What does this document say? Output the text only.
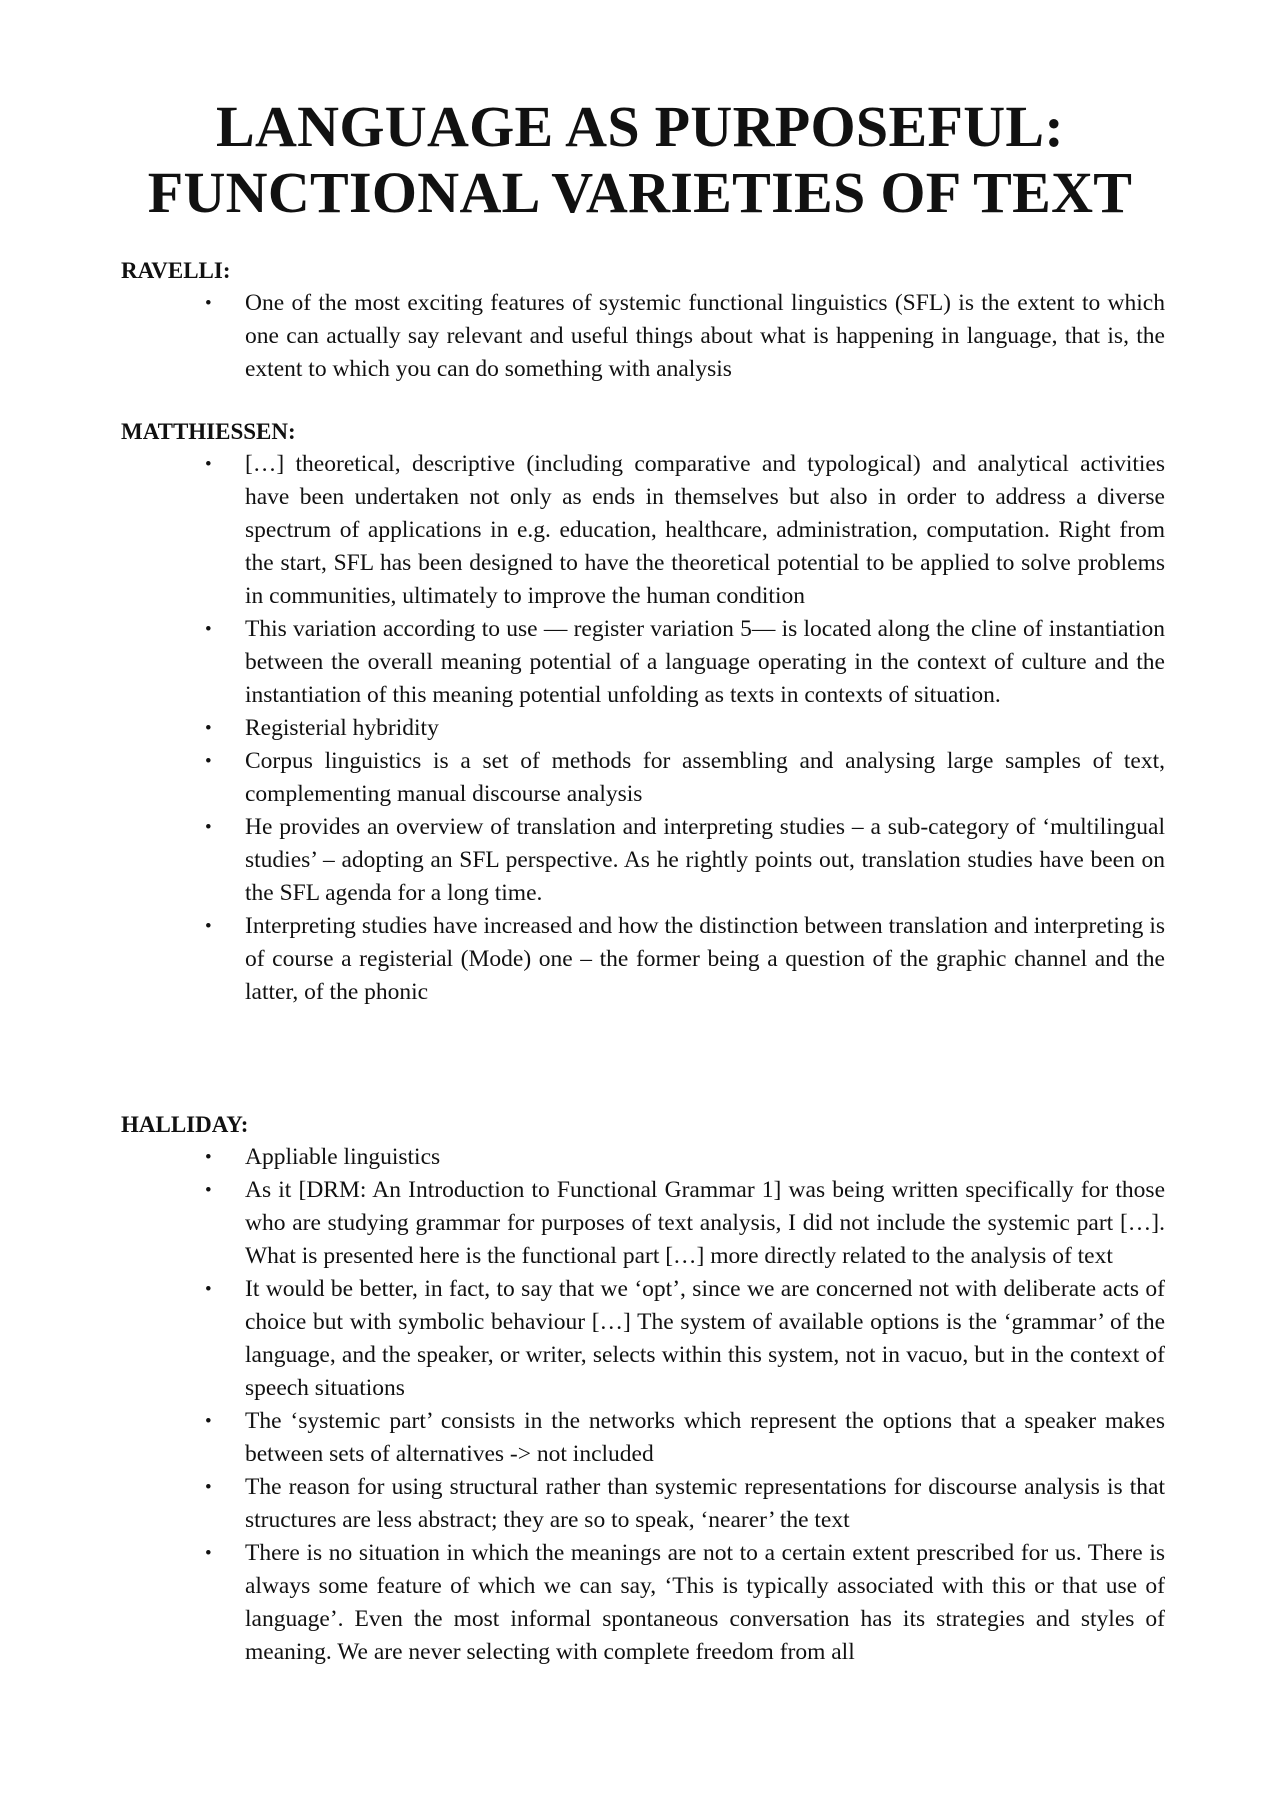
LANGUAGE AS PURPOSEFUL:
FUNCTIONAL VARIETIES OF TEXT
RAVELLI:
• One of the most exciting features of systemic functional linguistics (SFL) is the extent to which one can actually say relevant and useful things about what is happening in language, that is, the extent to which you can do something with analysis
MATTHIESSEN:
• […] theoretical, descriptive (including comparative and typological) and analytical activities have been undertaken not only as ends in themselves but also in order to address a diverse spectrum of applications in e.g. education, healthcare, administration, computation. Right from the start, SFL has been designed to have the theoretical potential to be applied to solve problems in communities, ultimately to improve the human condition
• This variation according to use — register variation 5— is located along the cline of instantiation between the overall meaning potential of a language operating in the context of culture and the instantiation of this meaning potential unfolding as texts in contexts of situation.
• Registerial hybridity
• Corpus linguistics is a set of methods for assembling and analysing large samples of text, complementing manual discourse analysis
• He provides an overview of translation and interpreting studies – a sub-category of ‘multilingual studies’ – adopting an SFL perspective. As he rightly points out, translation studies have been on the SFL agenda for a long time.
• Interpreting studies have increased and how the distinction between translation and interpreting is of course a registerial (Mode) one – the former being a question of the graphic channel and the latter, of the phonic
HALLIDAY:
• Appliable linguistics
• As it [DRM: An Introduction to Functional Grammar 1] was being written specifically for those who are studying grammar for purposes of text analysis, I did not include the systemic part […]. What is presented here is the functional part […] more directly related to the analysis of text
• It would be better, in fact, to say that we ‘opt’, since we are concerned not with deliberate acts of choice but with symbolic behaviour […] The system of available options is the ‘grammar’ of the language, and the speaker, or writer, selects within this system, not in vacuo, but in the context of speech situations
• The ‘systemic part’ consists in the networks which represent the options that a speaker makes between sets of alternatives -> not included
• The reason for using structural rather than systemic representations for discourse analysis is that structures are less abstract; they are so to speak, ‘nearer’ the text
• There is no situation in which the meanings are not to a certain extent prescribed for us. There is always some feature of which we can say, ‘This is typically associated with this or that use of language’. Even the most informal spontaneous conversation has its strategies and styles of meaning. We are never selecting with complete freedom from all
